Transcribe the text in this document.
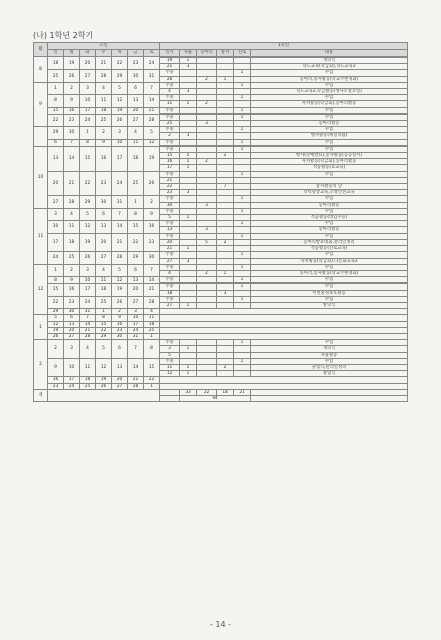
(나) 1학년 2학기
월	요일							1학년					
	일	월	화	수	목	금	토	일시	자율	동아리	봉사	진로	내용
8	18	19	20	21	22	23	24						
								19	1				개학식
								21	3				학도교육(학급회),학도교육2
	25	26	27	28	29	30	31	주중				1	수업
								28		2	1		동아리,봉사활동(학교주변정화)
9	1	2	3	4	5	6	7	주중				1	수업
								4	3				학도교육2,학급활동(생사조정요령)
	8	9	10	11	12	13	14	주중				1	수업
								11	1	2			자치활동(학급회),동아리활동
	15	16	17	18	19	20	21	주중				1	수업

	22	23	24	25	26	27	28	주중				1	수업
								25		3			동아리활동
	29	30	1	2	3	4	5	주중				1	수업
								2	3				행사활동(체험학습)
	6	7	8	9	10	11	12	주중				1	수업

10	13	14	15	16	17	18	19	주중				1	수업
								15	5		2		행사(학예발표),봉사활동(공공질서)
								16	1	2			자치활동(학급회),동아리활동
								17	1				적응활동(효교육)
	20	21	22	23	24	25	26	주중				1	수업
								21					
								22			7		봉사활동의 날
								23	3				학력향상교육,소방안전교육
	27	28	29	30	31	1	2	주중				1	수업
								30		3			동아리활동
11	3	4	5	6	7	8	9	주중				1	수업
								5	1				적응활동(대입수능)
	10	11	12	13	14	15	16	주중				1	수업
								13		3			동아리활동
	17	18	19	20	21	22	23	주중				1	수업
								20		5	2		동아리발표대회,관리일정리
								21	1				적응활동(진로교육)
	24	25	26	27	28	29	30	주중				1	수업
								27	3				자치활동(학급회),다문화교육2
12	1	2	3	4	5	6	7	주중				1	수업
								4		2	1		동아리,봉사활동(학교주변정화)
	8	9	10	11	12	13	14	주중				1	수업

	15	16	17	18	19	20	21	주중				1	수업
								18			3		이면환경보호활동
	22	23	24	25	26	27	28	주중				1	수업
								27	1				방학식
	29	30	31	1	2	3	4						
1	5	6	7	8	9	10	11						
	12	13	14	15	16	17	18						
	19	20	21	22	23	24	25						
	26	27	28	29	30	31	1						
2	2	3	4	5	6	7	8	주중				1	수업
								3	1				개학식
								5					자율활동
	9	10	11	12	13	14	15	주중				1	수업
								11	1		2		졸업식,관리일정리
								12	1				종업식
	16	17	18	19	20	21	22						
	23	24	25	26	27	28	1						
계									33	22	18	21	
									94				
- 14 -
